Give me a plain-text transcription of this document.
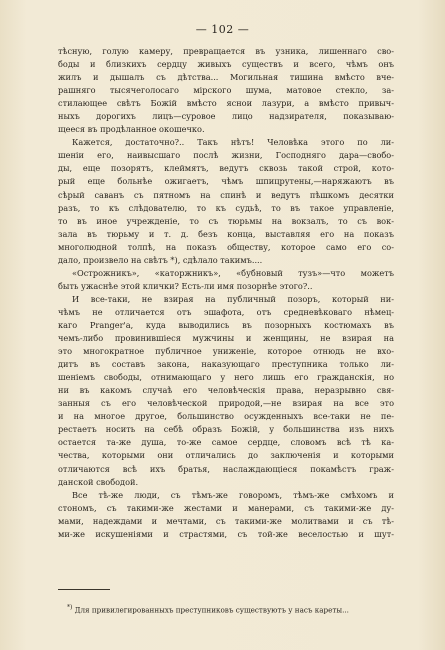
— 102 —
тѣсную, голую камеру, превращается въ узника, лишеннаго сво-
боды и близкихъ сердцу живыхъ существъ и всего, чѣмъ онъ
жилъ и дышалъ съ дѣтства... Могильная тишина вмѣсто вче-
рашняго тысячеголосаго мірского шума, матовое стекло, за-
стилающее свѣтъ Божій вмѣсто яснои лазури, а вмѣсто привыч-
ныхъ дорогихъ лицъ—суровое лицо надзирателя, показываю-
щееся въ продѣланное окошечко.
Кажется, достаточно?.. Такъ нѣтъ! Человѣка этого по ли-
шеніи его, наивысшаго послѣ жизни, Господняго дара—свобо-
ды, еще позорятъ, клеймятъ, ведутъ сквозь такой строй, кото-
рый еще больнѣе ожигаетъ, чѣмъ шпицрутены,—наряжаютъ въ
сѣрый саванъ съ пятномъ на спинѣ и ведутъ пѣшкомъ десятки
разъ, то къ слѣдователю, то къ судьѣ, то въ такое управленіе,
то въ иное учрежденіе, то съ тюрьмы на вокзалъ, то съ вок-
зала въ тюрьму и т. д. безъ конца, выставляя его на показъ
многолюдной толпѣ, на показъ обществу, которое само его со-
дало, произвело на свѣтъ *), сдѣлало такимъ....
«Острожникъ», «каторжникъ», «бубновый тузъ»—что можетъ
быть ужаснѣе этой клички? Есть-ли имя позорнѣе этого?..
И все-таки, не взирая на публичный позоръ, который ни-
чѣмъ не отличается отъ эшафота, отъ средневѣковаго нѣмец-
каго Pranger'а, куда выводились въ позорныхъ костюмахъ въ
чемъ-либо провинившіеся мужчины и женщины, не взирая на
это многократное публичное униженіе, которое отнюдь не вхо-
дитъ въ составъ закона, наказующаго преступника только ли-
шеніемъ свободы, отнимающаго у него лишь его гражданскія, но
ни въ какомъ случаѣ его человѣческія права, неразрывно свя-
занныя съ его человѣческой природой,—не взирая на все это
и на многое другое, большинство осужденныхъ все-таки не пе-
рестаетъ носить на себѣ образъ Божій, у большинства изъ нихъ
остается та-же душа, то-же самое сердце, словомъ всѣ тѣ ка-
чества, которыми они отличались до заключенія и которыми
отличаются всѣ ихъ братья, наслаждающіеся покамѣстъ граж-
данской свободой.
Все тѣ-же люди, съ тѣмъ-же говоромъ, тѣмъ-же смѣхомъ и
стономъ, съ такими-же жестами и манерами, съ такими-же ду-
мами, надеждами и мечтами, съ такими-же молитвами и съ тѣ-
ми-же искушеніями и страстями, съ той-же веселостью и шут-
*) Для привилегированныхъ преступниковъ существуютъ у насъ кареты...
